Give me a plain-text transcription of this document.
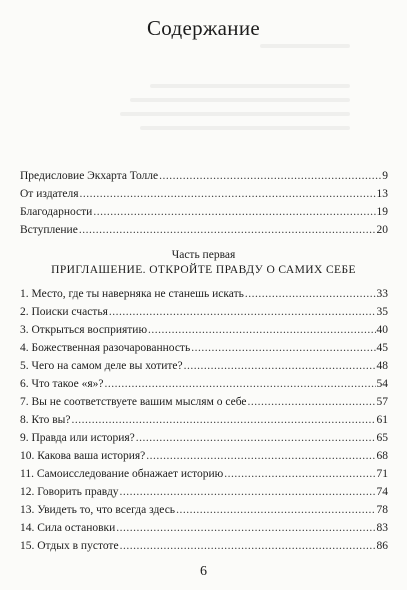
Содержание
Предисловие Экхарта Толле .....	9
От издателя .....	13
Благодарности .....	19
Вступление .....	20
Часть первая
ПРИГЛАШЕНИЕ. ОТКРОЙТЕ ПРАВДУ О САМИХ СЕБЕ
1. Место, где ты наверняка не станешь искать .....	33
2. Поиски счастья .....	35
3. Открыться восприятию .....	40
4. Божественная разочарованность .....	45
5. Чего на самом деле вы хотите? .....	48
6. Что такое «я»? .....	54
7. Вы не соответствуете вашим мыслям о себе .....	57
8. Кто вы? .....	61
9. Правда или история? .....	65
10. Какова ваша история? .....	68
11. Самоисследование обнажает историю .....	71
12. Говорить правду .....	74
13. Увидеть то, что всегда здесь .....	78
14. Сила остановки .....	83
15. Отдых в пустоте .....	86
6
